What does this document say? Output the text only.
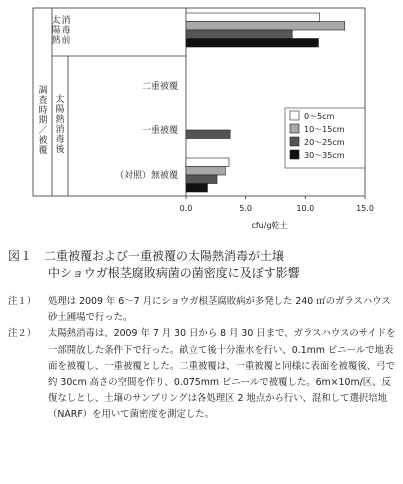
調査時期／被覆
太陽熱
消毒前
太陽熱消毒後
二重被覆
一重被覆
（対照）無被覆
0.0	5.0	10.0	15.0
cfu/g乾土
0～5cm
10～15cm
20～25cm
30～35cm
図１　二重被覆および一重被覆の太陽熱消毒が土壌
中ショウガ根茎腐敗病菌の菌密度に及ぼす影響
注１）	処理は 2009 年 6～7 月にショウガ根茎腐敗病が多発した 240 ㎡のガラスハウス砂土圃場で行った。
注２）	太陽熱消毒は、2009 年 7 月 30 日から 8 月 30 日まで、ガラスハウスのサイドを一部開放した条件下で行った。畝立て後十分潅水を行い、0.1mm ビニールで地表面を被覆し、一重被覆とした。二重被覆は、一重被覆と同様に表面を被覆後、弓で約 30cm 高さの空間を作り、0.075mm ビニールで被覆した。6m×10m/区、反復なしとし、土壌のサンプリングは各処理区 2 地点から行い、混和して選択培地（NARF）を用いて菌密度を測定した。
